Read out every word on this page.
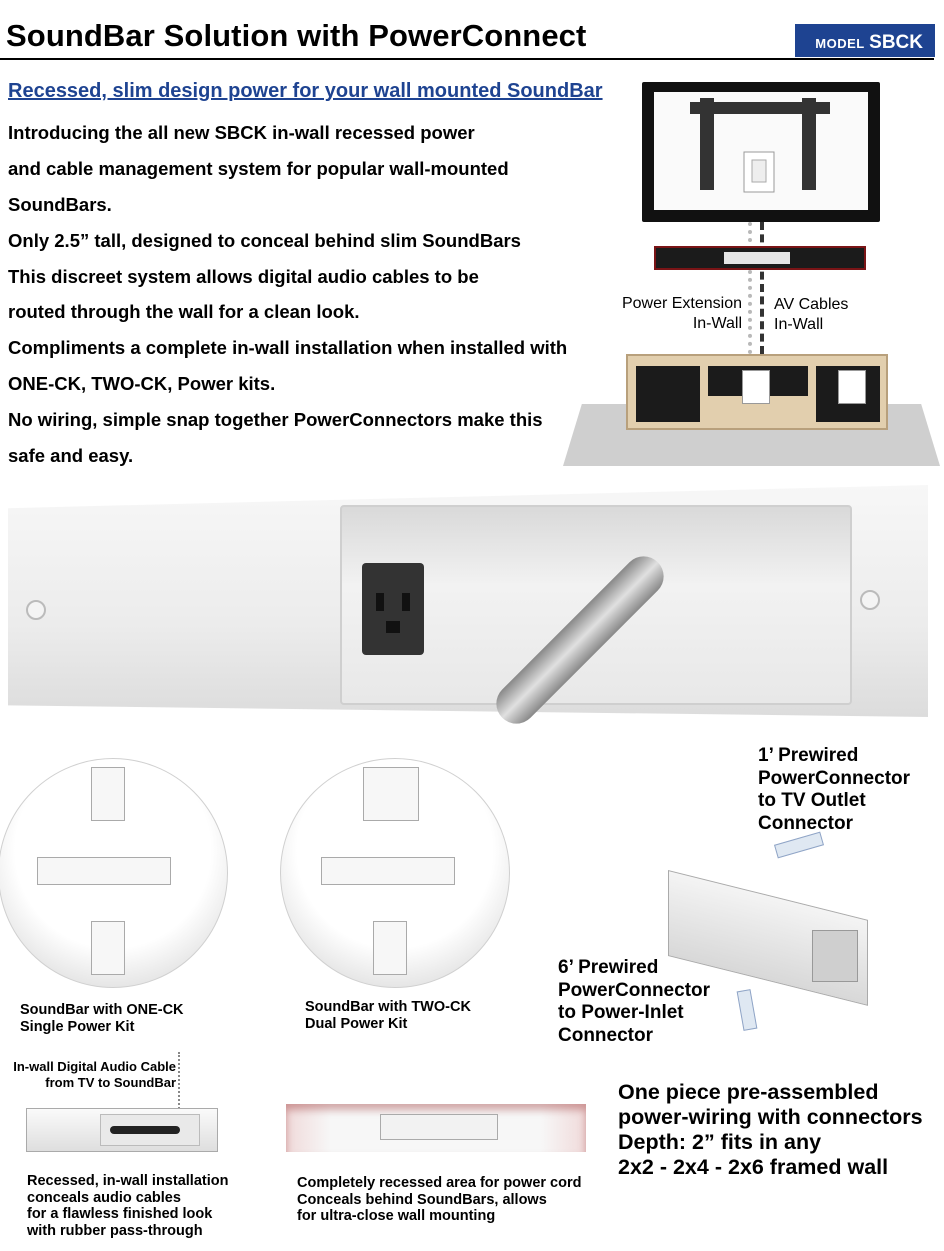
SoundBar Solution with PowerConnect	MODEL SBCK
Recessed, slim design power for your wall mounted SoundBar
Introducing the all new SBCK in-wall recessed power
and cable management system for popular wall-mounted
SoundBars.
Only 2.5” tall, designed to conceal behind slim SoundBars
This discreet system allows digital audio cables to be
routed through the wall for a clean look.
Compliments a complete in-wall installation when installed with
ONE-CK, TWO-CK, Power kits.
No wiring, simple snap together PowerConnectors make this
safe and easy.
Power Extension
In-Wall
AV Cables
In-Wall
SoundBar with ONE-CK
Single Power Kit
SoundBar with TWO-CK
Dual Power Kit
1’ Prewired
PowerConnector
to TV Outlet
Connector
6’ Prewired
PowerConnector
to Power-Inlet
Connector
In-wall Digital Audio Cable
from TV to SoundBar
Recessed, in-wall installation
conceals audio cables
for a flawless finished look
with rubber pass-through
Completely recessed area for power cord
Conceals behind SoundBars, allows
for ultra-close wall mounting
One piece pre-assembled
power-wiring with connectors
Depth: 2” fits in any
2x2 - 2x4 - 2x6 framed wall
